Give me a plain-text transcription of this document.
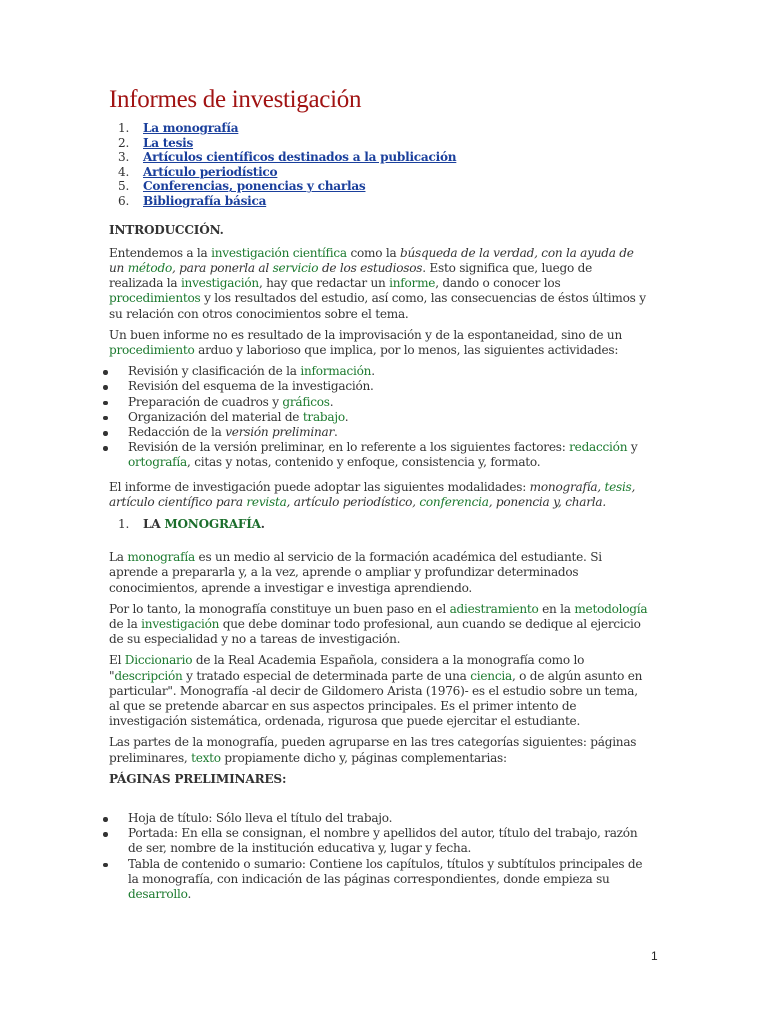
Informes de investigación
1. La monografía
2. La tesis
3. Artículos científicos destinados a la publicación
4. Artículo periodístico
5. Conferencias, ponencias y charlas
6. Bibliografía básica
INTRODUCCIÓN.

Entendemos a la investigación científica como la búsqueda de la verdad, con la ayuda de un método, para ponerla al servicio de los estudiosos. Esto significa que, luego de realizada la investigación, hay que redactar un informe, dando o conocer los procedimientos y los resultados del estudio, así como, las consecuencias de éstos últimos y su relación con otros conocimientos sobre el tema.

Un buen informe no es resultado de la improvisación y de la espontaneidad, sino de un procedimiento arduo y laborioso que implica, por lo menos, las siguientes actividades:

Revisión y clasificación de la información.
Revisión del esquema de la investigación.
Preparación de cuadros y gráficos.
Organización del material de trabajo.
Redacción de la versión preliminar.
Revisión de la versión preliminar, en lo referente a los siguientes factores: redacción y ortografía, citas y notas, contenido y enfoque, consistencia y, formato.

El informe de investigación puede adoptar las siguientes modalidades: monografía, tesis, artículo científico para revista, artículo periodístico, conferencia, ponencia y, charla.

1. LA MONOGRAFÍA.

La monografía es un medio al servicio de la formación académica del estudiante. Si aprende a prepararla y, a la vez, aprende o ampliar y profundizar determinados conocimientos, aprende a investigar e investiga aprendiendo.

Por lo tanto, la monografía constituye un buen paso en el adiestramiento en la metodología de la investigación que debe dominar todo profesional, aun cuando se dedique al ejercicio de su especialidad y no a tareas de investigación.

El Diccionario de la Real Academia Española, considera a la monografía como lo "descripción y tratado especial de determinada parte de una ciencia, o de algún asunto en particular". Monografía -al decir de Gildomero Arista (1976)- es el estudio sobre un tema, al que se pretende abarcar en sus aspectos principales. Es el primer intento de investigación sistemática, ordenada, rigurosa que puede ejercitar el estudiante.

Las partes de la monografía, pueden agruparse en las tres categorías siguientes: páginas preliminares, texto propiamente dicho y, páginas complementarias:

PÁGINAS PRELIMINARES:
Hoja de título: Sólo lleva el título del trabajo.
Portada: En ella se consignan, el nombre y apellidos del autor, título del trabajo, razón de ser, nombre de la institución educativa y, lugar y fecha.
Tabla de contenido o sumario: Contiene los capítulos, títulos y subtítulos principales de la monografía, con indicación de las páginas correspondientes, donde empieza su desarrollo.
1
